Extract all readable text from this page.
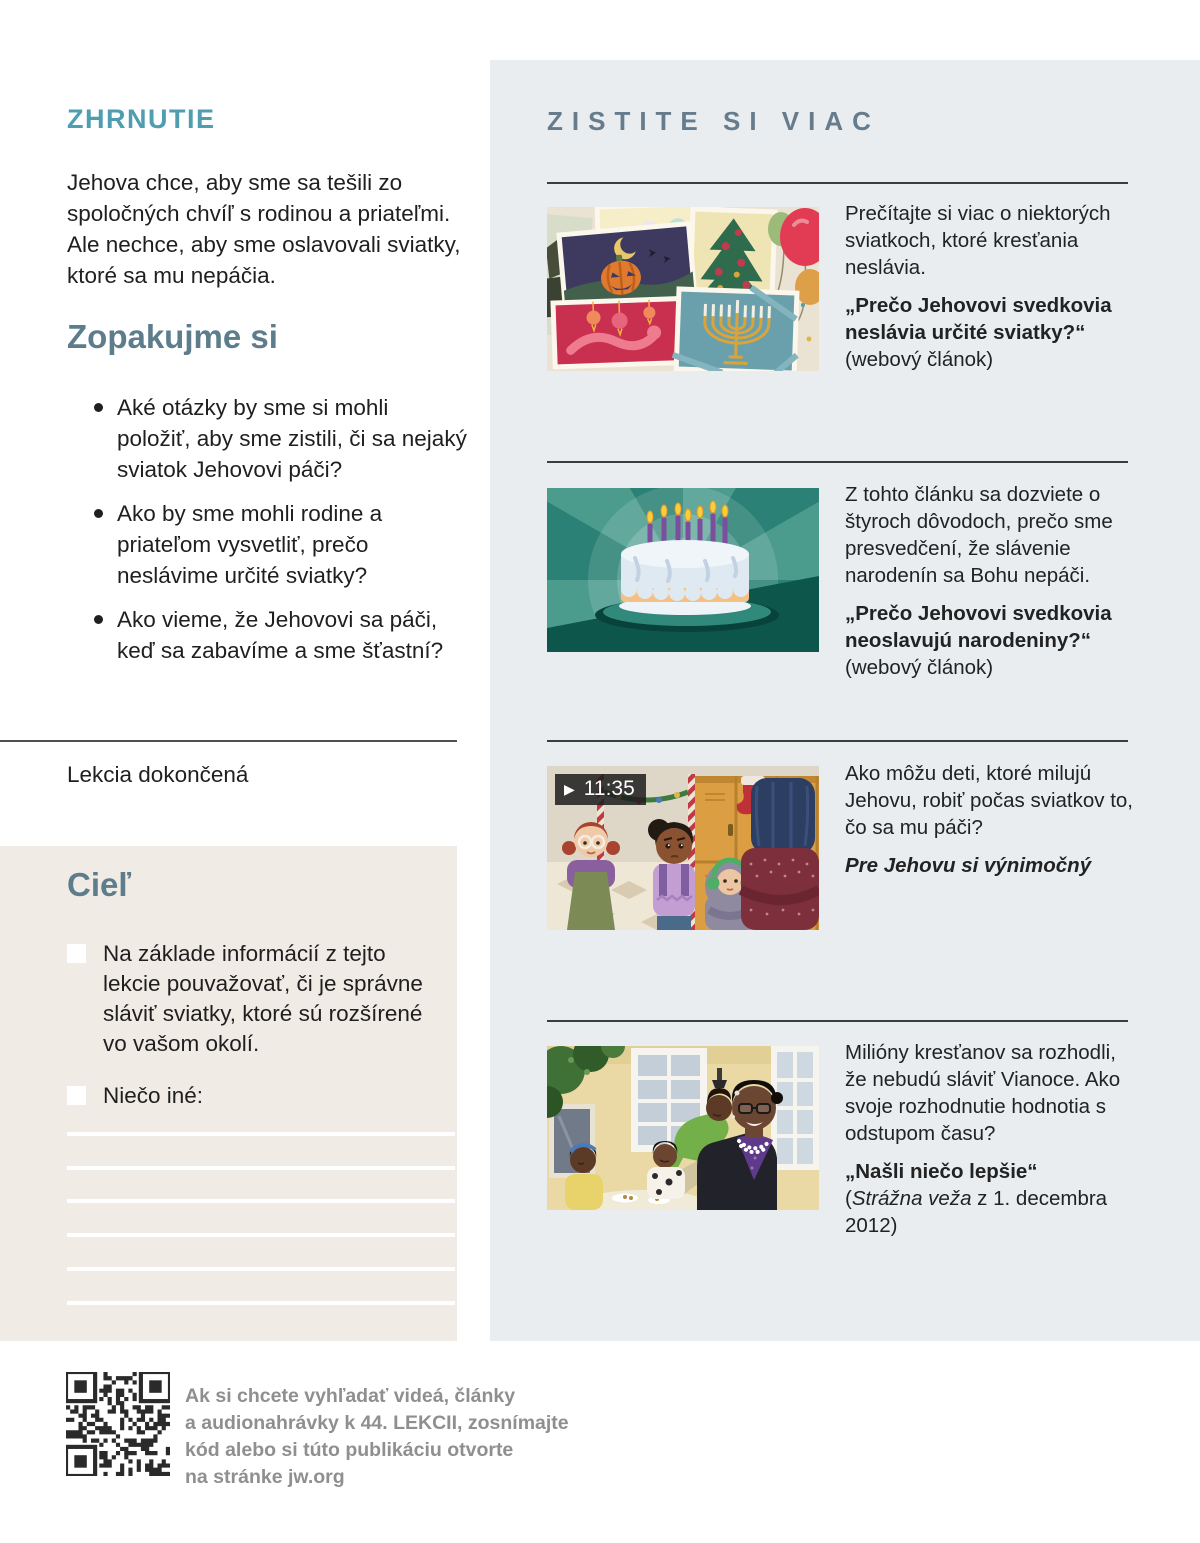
ZHRNUTIE
Jehova chce, aby sme sa tešili zo spoločných chvíľ s rodinou a priateľmi. Ale nechce, aby sme oslavovali sviatky, ktoré sa mu nepáčia.
Zopakujme si
Aké otázky by sme si mohli položiť, aby sme zistili, či sa nejaký sviatok Jehovovi páči?
Ako by sme mohli rodine a priateľom vysvetliť, prečo neslávime určité sviatky?
Ako vieme, že Jehovovi sa páči, keď sa zabavíme a sme šťastní?
Lekcia dokončená
Cieľ
Na základe informácií z tejto lekcie pouvažovať, či je správne sláviť sviatky, ktoré sú rozšírené vo vašom okolí.
Niečo iné:
ZISTITE SI VIAC

Prečítajte si viac o niektorých sviatkoch, ktoré kresťania neslávia.

„Prečo Jehovovi svedkovia neslávia určité sviatky?“

(webový článok)

Z tohto článku sa dozviete o štyroch dôvodoch, prečo sme presvedčení, že slávenie narodenín sa Bohu nepáči.

„Prečo Jehovovi svedkovia neoslavujú narodeniny?“

(webový článok)

▶ 11:35

Ako môžu deti, ktoré milujú Jehovu, robiť počas sviatkov to, čo sa mu páči?

Pre Jehovu si výnimočný

Milióny kresťanov sa rozhodli, že nebudú sláviť Vianoce. Ako svoje rozhodnutie hodnotia s odstupom času?

„Našli niečo lepšie“

(Strážna veža z 1. decembra 2012)

Ak si chcete vyhľadať videá, články
a audionahrávky k 44. LEKCII, zosnímajte
kód alebo si túto publikáciu otvorte
na stránke jw.org
